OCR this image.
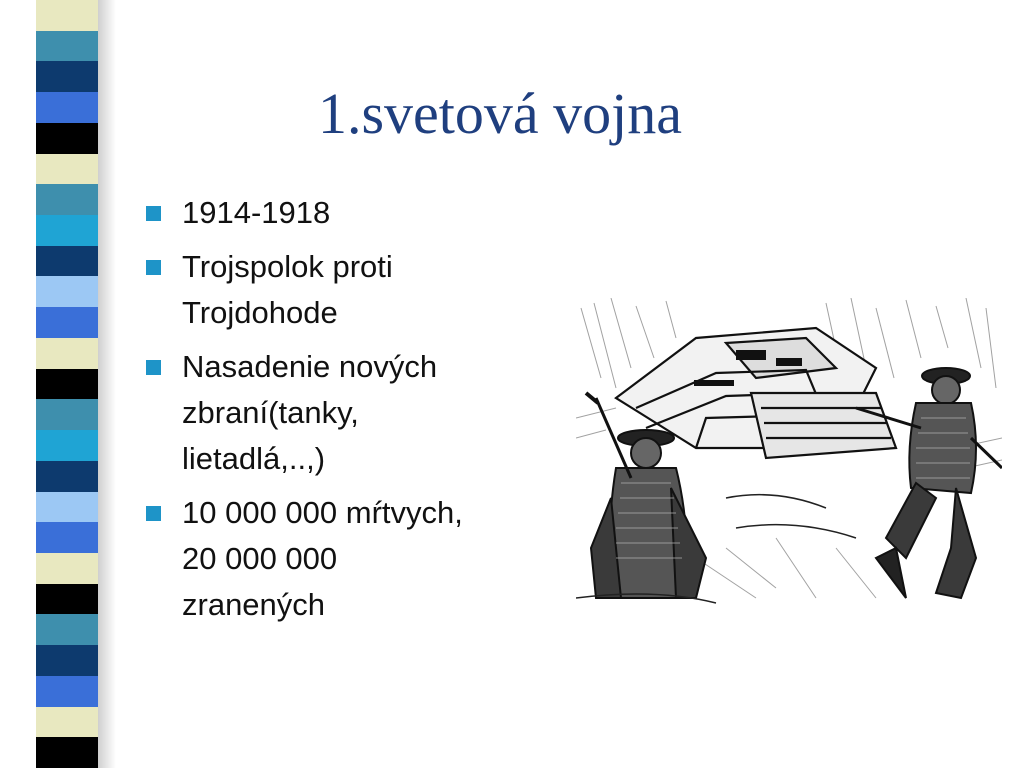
1.svetová vojna
1914-1918
Trojspolok proti
Trojdohode
Nasadenie nových
zbraní(tanky,
lietadlá,..,)
10 000 000 mŕtvych,
20 000 000
zranených
